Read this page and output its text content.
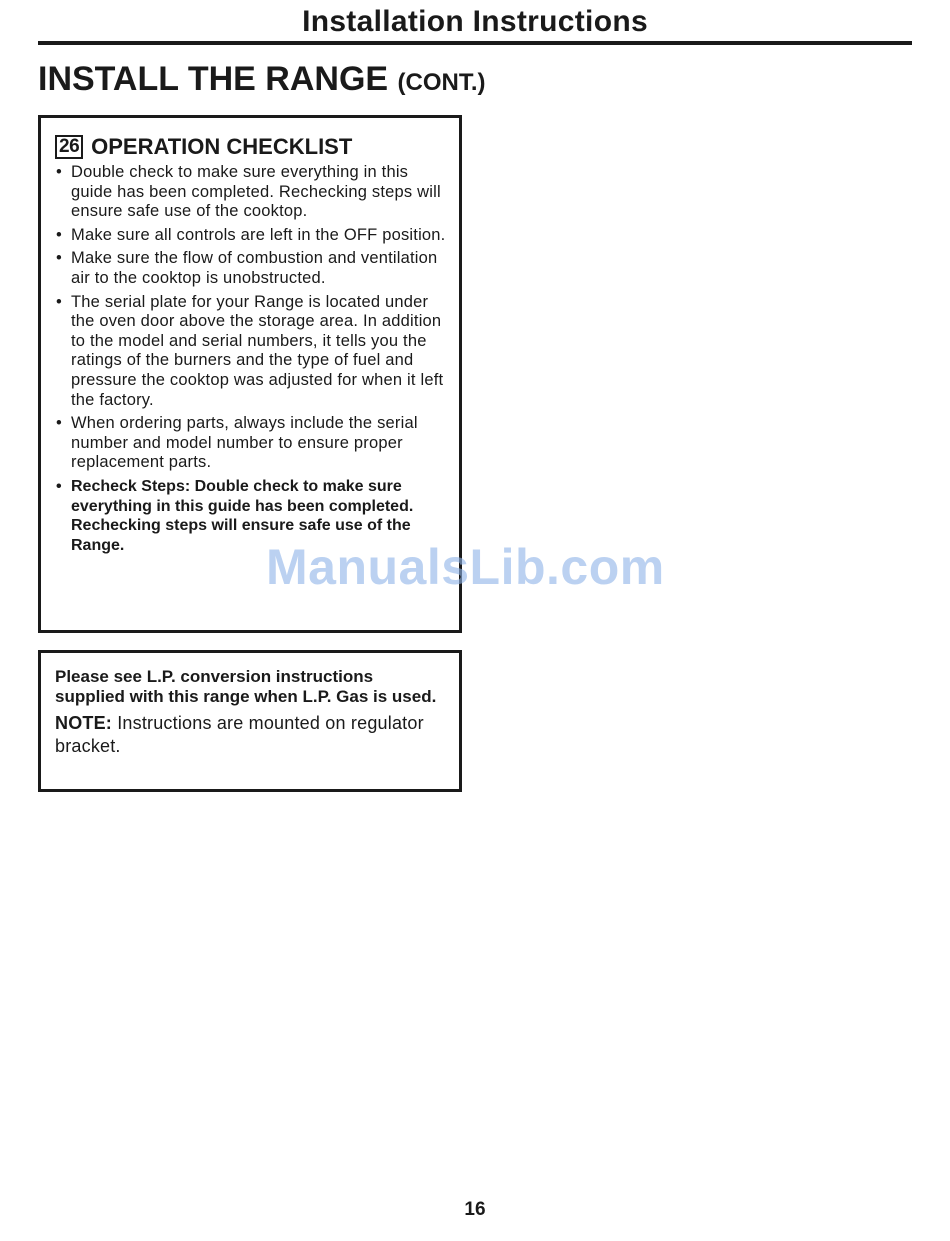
Installation Instructions
INSTALL THE RANGE (CONT.)
26 OPERATION CHECKLIST
• Double check to make sure everything in this guide has been completed. Rechecking steps will ensure safe use of the cooktop.
• Make sure all controls are left in the OFF position.
• Make sure the flow of combustion and ventilation air to the cooktop is unobstructed.
• The serial plate for your Range is located under the oven door above the storage area. In addition to the model and serial numbers, it tells you the ratings of the burners and the type of fuel and pressure the cooktop was adjusted for when it left the factory.
• When ordering parts, always include the serial number and model number to ensure proper replacement parts.
• Recheck Steps: Double check to make sure everything in this guide has been completed. Rechecking steps will ensure safe use of the Range.

Please see L.P. conversion instructions supplied with this range when L.P. Gas is used.

NOTE: Instructions are mounted on regulator bracket.

ManualsLib.com
16
